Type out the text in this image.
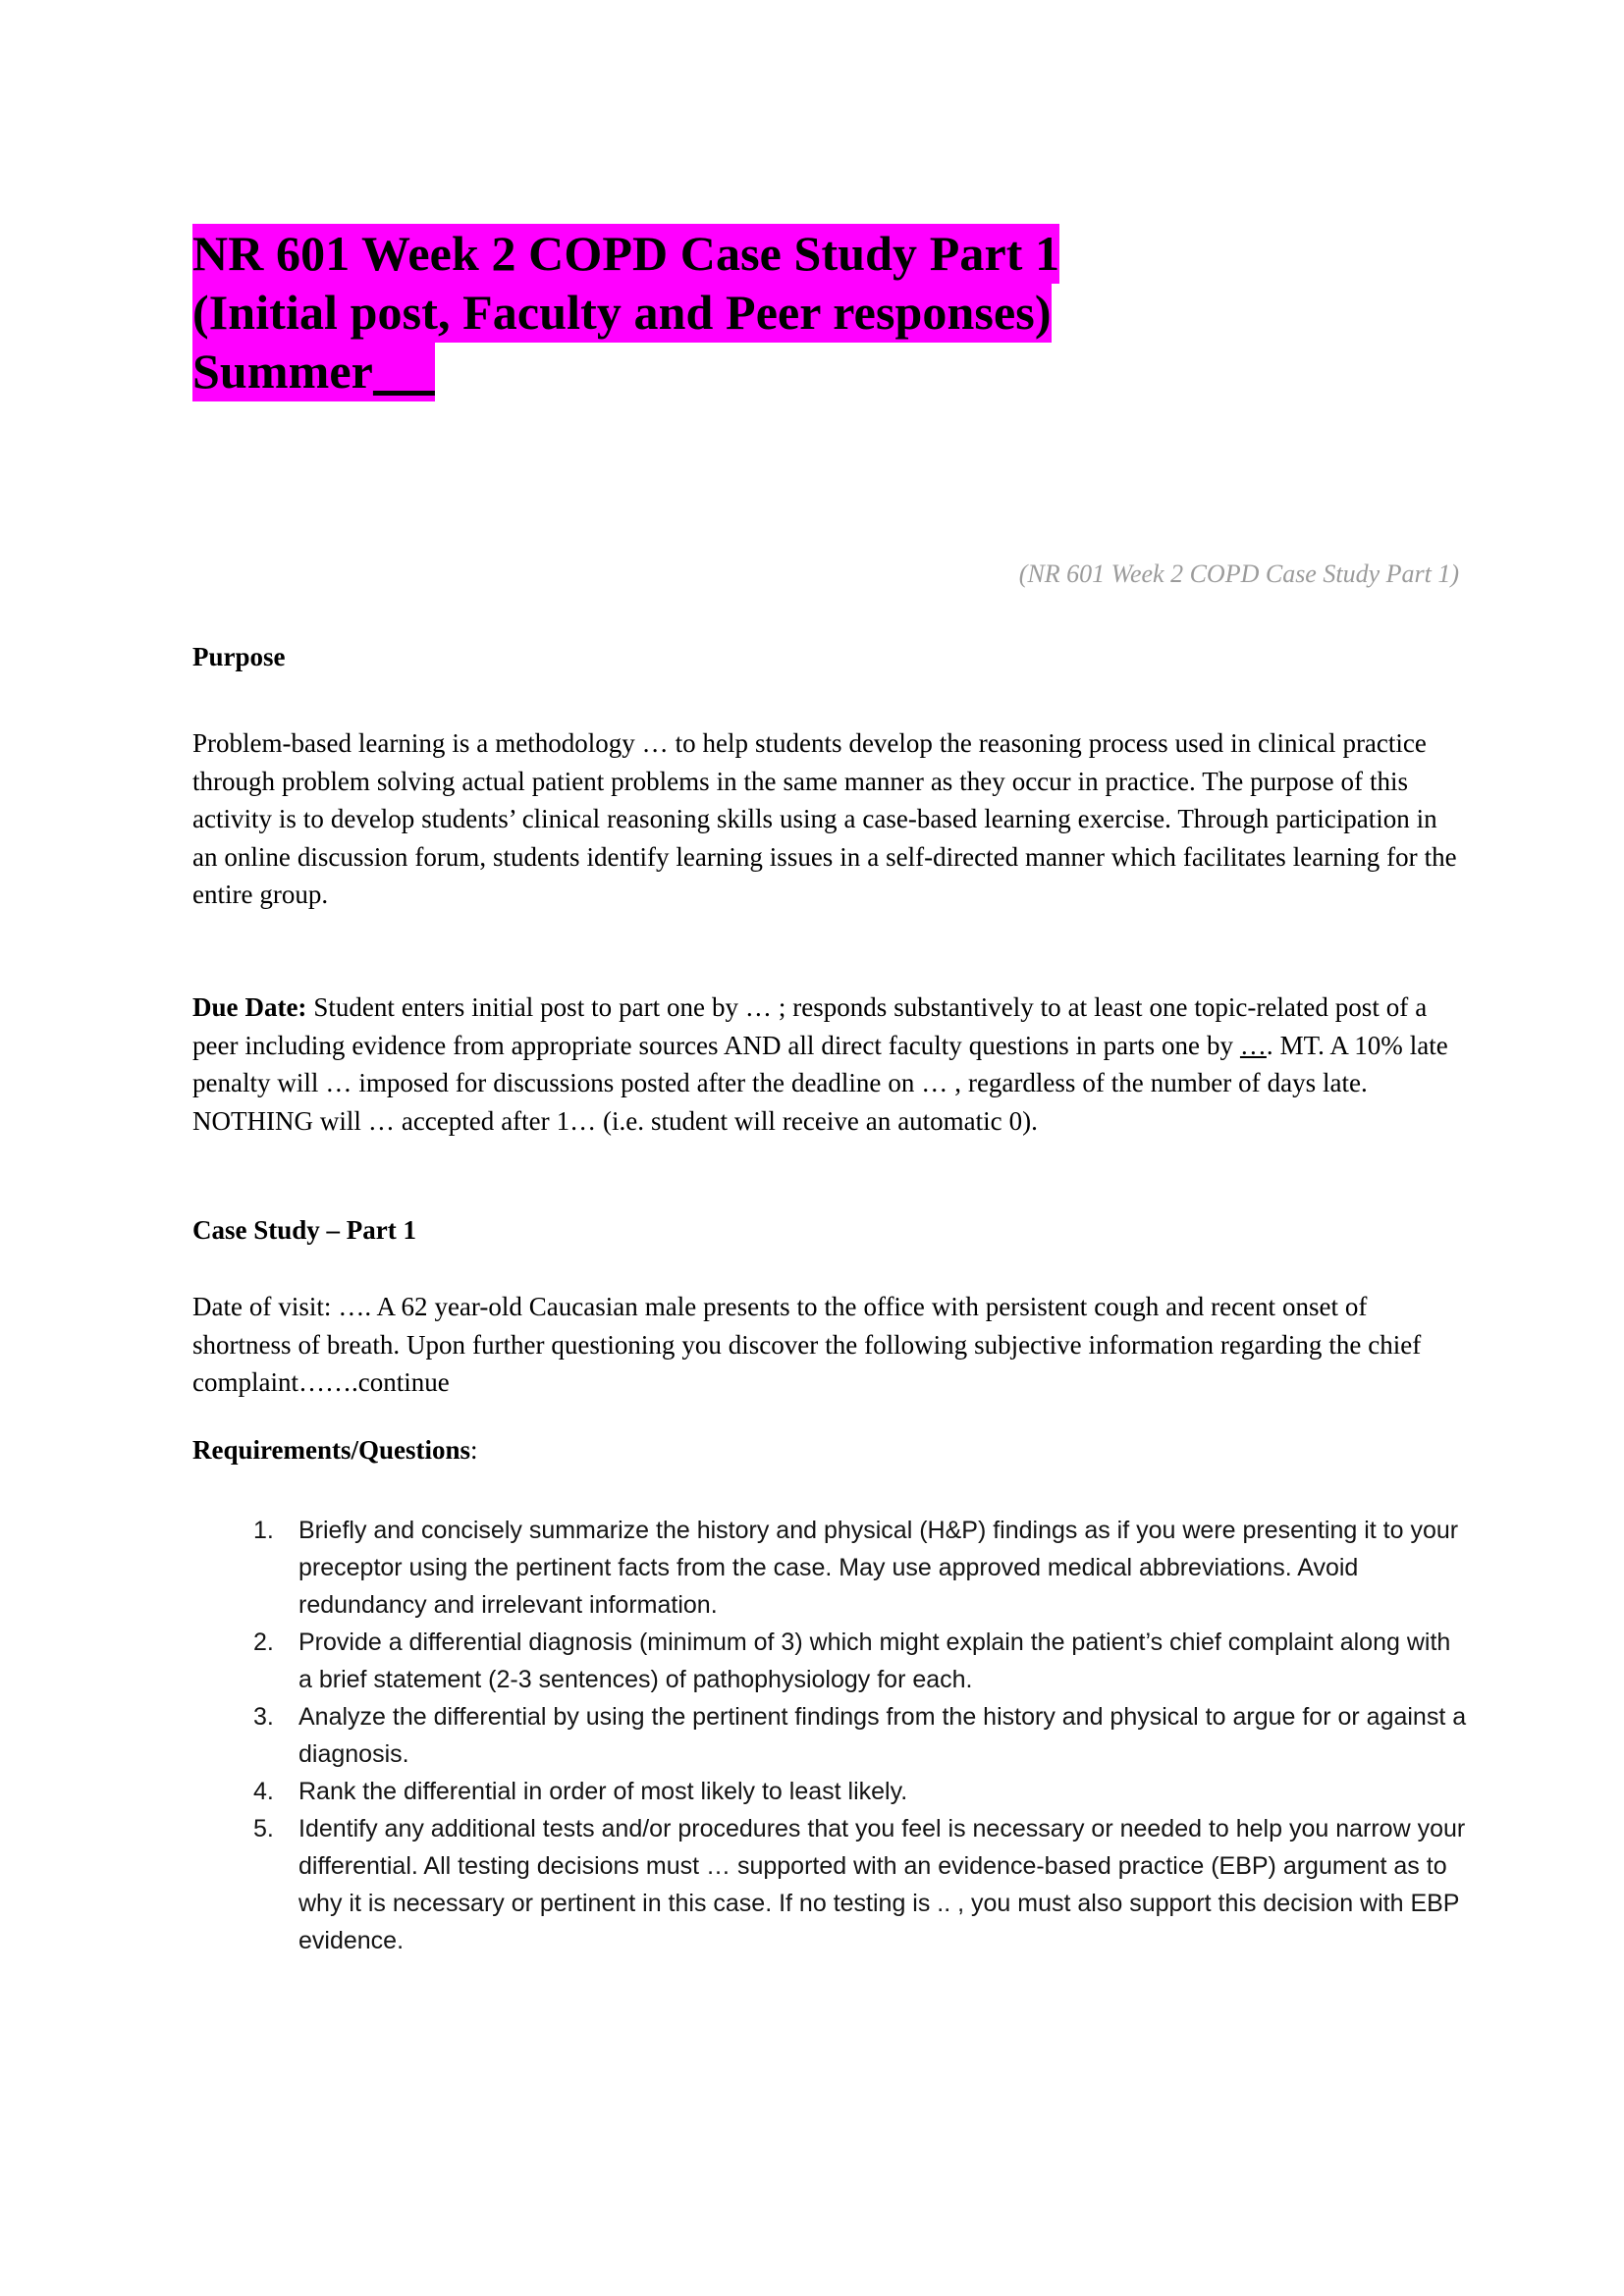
NR 601 Week 2 COPD Case Study Part 1
(Initial post, Faculty and Peer responses)
Summer
(NR 601 Week 2 COPD Case Study Part 1)

Purpose

Problem-based learning is a methodology … to help students develop the reasoning process used in clinical practice through problem solving actual patient problems in the same manner as they occur in practice. The purpose of this activity is to develop students’ clinical reasoning skills using a case-based learning exercise. Through participation in an online discussion forum, students identify learning issues in a self-directed manner which facilitates learning for the entire group.

Due Date: Student enters initial post to part one by … ; responds substantively to at least one topic-related post of a peer including evidence from appropriate sources AND all direct faculty questions in parts one by …. MT. A 10% late penalty will … imposed for discussions posted after the deadline on … , regardless of the number of days late. NOTHING will … accepted after 1… (i.e. student will receive an automatic 0).

Case Study – Part 1

Date of visit: …. A 62 year-old Caucasian male presents to the office with persistent cough and recent onset of shortness of breath. Upon further questioning you discover the following subjective information regarding the chief complaint…….continue

Requirements/Questions:

1.	Briefly and concisely summarize the history and physical (H&P) findings as if you were presenting it to your preceptor using the pertinent facts from the case. May use approved medical abbreviations. Avoid redundancy and irrelevant information.
2.	Provide a differential diagnosis (minimum of 3) which might explain the patient’s chief complaint along with a brief statement (2-3 sentences) of pathophysiology for each.
3.	Analyze the differential by using the pertinent findings from the history and physical to argue for or against a diagnosis.
4.	Rank the differential in order of most likely to least likely.
5.	Identify any additional tests and/or procedures that you feel is necessary or needed to help you narrow your differential. All testing decisions must … supported with an evidence-based practice (EBP) argument as to why it is necessary or pertinent in this case. If no testing is .. , you must also support this decision with EBP evidence.
